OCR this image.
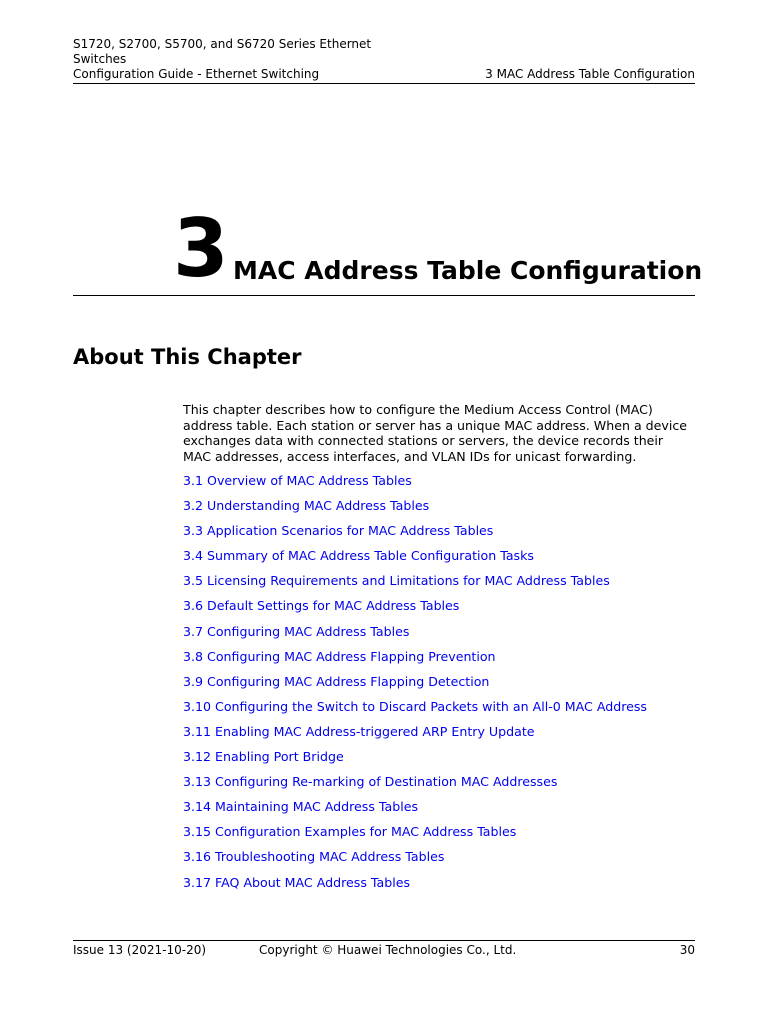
S1720, S2700, S5700, and S6720 Series Ethernet
Switches
Configuration Guide - Ethernet Switching	3 MAC Address Table Configuration
3 MAC Address Table Configuration
About This Chapter
This chapter describes how to configure the Medium Access Control (MAC) address table. Each station or server has a unique MAC address. When a device exchanges data with connected stations or servers, the device records their MAC addresses, access interfaces, and VLAN IDs for unicast forwarding.
3.1 Overview of MAC Address Tables
3.2 Understanding MAC Address Tables
3.3 Application Scenarios for MAC Address Tables
3.4 Summary of MAC Address Table Configuration Tasks
3.5 Licensing Requirements and Limitations for MAC Address Tables
3.6 Default Settings for MAC Address Tables
3.7 Configuring MAC Address Tables
3.8 Configuring MAC Address Flapping Prevention
3.9 Configuring MAC Address Flapping Detection
3.10 Configuring the Switch to Discard Packets with an All-0 MAC Address
3.11 Enabling MAC Address-triggered ARP Entry Update
3.12 Enabling Port Bridge
3.13 Configuring Re-marking of Destination MAC Addresses
3.14 Maintaining MAC Address Tables
3.15 Configuration Examples for MAC Address Tables
3.16 Troubleshooting MAC Address Tables
3.17 FAQ About MAC Address Tables
Issue 13 (2021-10-20)	Copyright © Huawei Technologies Co., Ltd.	30
